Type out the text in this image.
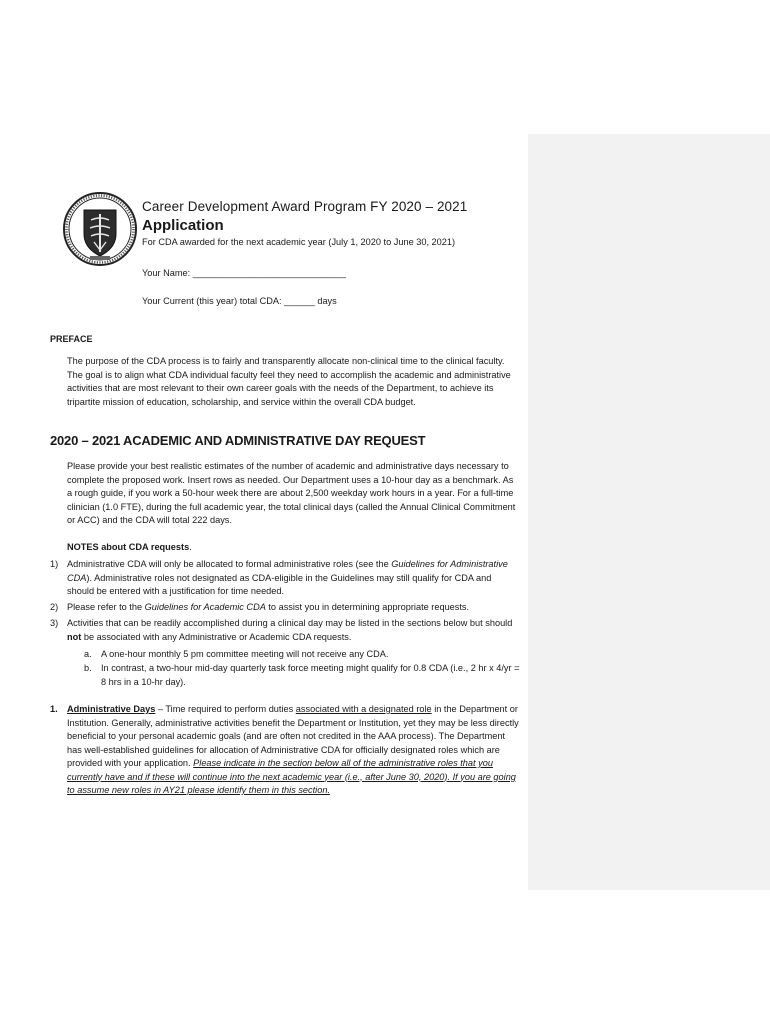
Career Development Award Program FY 2020 – 2021
Application
For CDA awarded for the next academic year (July 1, 2020 to June 30, 2021)
Your Name: ______________________________
Your Current (this year) total CDA: ______ days
PREFACE

The purpose of the CDA process is to fairly and transparently allocate non-clinical time to the clinical faculty. The goal is to align what CDA individual faculty feel they need to accomplish the academic and administrative activities that are most relevant to their own career goals with the needs of the Department, to achieve its tripartite mission of education, scholarship, and service within the overall CDA budget.

2020 – 2021 ACADEMIC AND ADMINISTRATIVE DAY REQUEST

Please provide your best realistic estimates of the number of academic and administrative days necessary to complete the proposed work. Insert rows as needed. Our Department uses a 10-hour day as a benchmark. As a rough guide, if you work a 50-hour week there are about 2,500 weekday work hours in a year. For a full-time clinician (1.0 FTE), during the full academic year, the total clinical days (called the Annual Clinical Commitment or ACC) and the CDA will total 222 days.

NOTES about CDA requests.
1) Administrative CDA will only be allocated to formal administrative roles (see the Guidelines for Administrative CDA). Administrative roles not designated as CDA-eligible in the Guidelines may still qualify for CDA and should be entered with a justification for time needed.
2) Please refer to the Guidelines for Academic CDA to assist you in determining appropriate requests.
3) Activities that can be readily accomplished during a clinical day may be listed in the sections below but should not be associated with any Administrative or Academic CDA requests.
a. A one-hour monthly 5 pm committee meeting will not receive any CDA.
b. In contrast, a two-hour mid-day quarterly task force meeting might qualify for 0.8 CDA (i.e., 2 hr x 4/yr = 8 hrs in a 10-hr day).
1. Administrative Days – Time required to perform duties associated with a designated role in the Department or Institution. Generally, administrative activities benefit the Department or Institution, yet they may be less directly beneficial to your personal academic goals (and are often not credited in the AAA process). The Department has well-established guidelines for allocation of Administrative CDA for officially designated roles which are provided with your application. Please indicate in the section below all of the administrative roles that you currently have and if these will continue into the next academic year (i.e., after June 30, 2020). If you are going to assume new roles in AY21 please identify them in this section.
